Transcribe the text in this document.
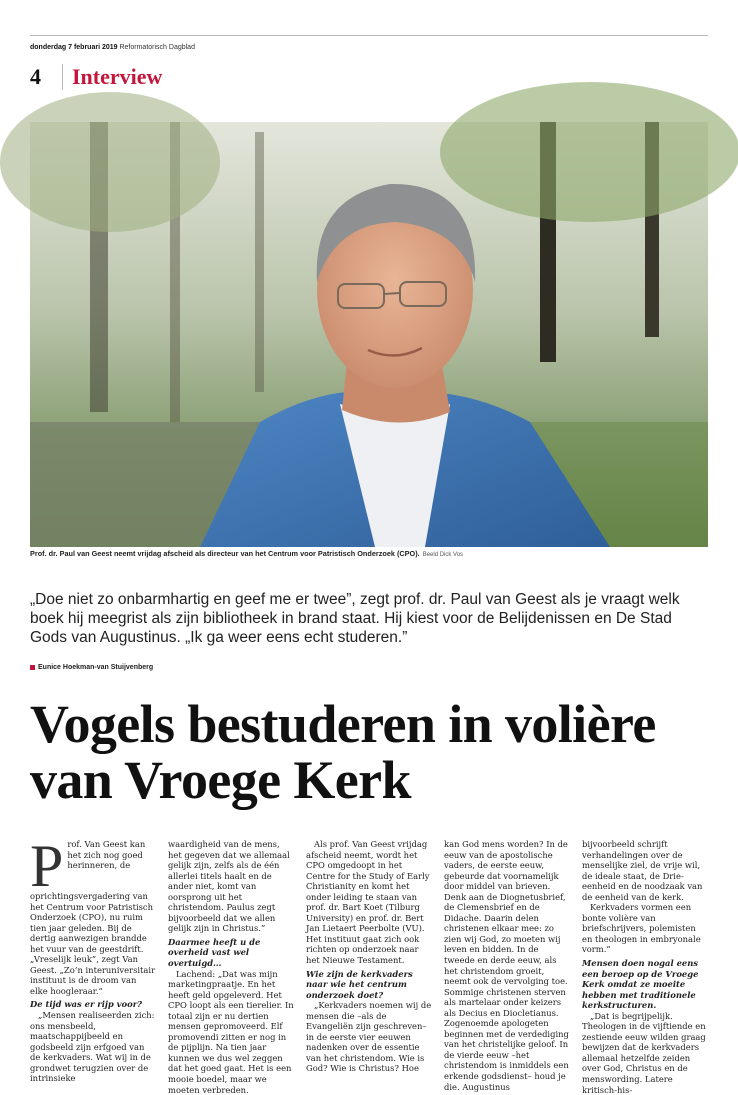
donderdag 7 februari 2019 Reformatorisch Dagblad
4	Interview
Prof. dr. Paul van Geest neemt vrijdag afscheid als directeur van het Centrum voor Patristisch Onderzoek (CPO). Beeld Dick Vos
„Doe niet zo onbarmhartig en geef me er twee”, zegt prof. dr. Paul van Geest als je vraagt welk boek hij meegrist als zijn bibliotheek in brand staat. Hij kiest voor de Belijdenissen en De Stad Gods van Augustinus. „Ik ga weer eens echt studeren.”
Eunice Hoekman-van Stuijvenberg
Vogels bestuderen in volière van Vroege Kerk

Prof. Van Geest kan het zich nog goed herinneren, de oprichtingsvergadering van het Centrum voor Patristisch Onderzoek (CPO), nu ruim tien jaar geleden. Bij de dertig aanwezigen brandde het vuur van de geestdrift. „Vreselijk leuk”, zegt Van Geest. „Zo’n interuniversitair instituut is de droom van elke hoogleraar.”

De tijd was er rijp voor?

„Mensen realiseerden zich: ons mensbeeld, maatschappijbeeld en godsbeeld zijn erfgoed van de kerkvaders. Wat wij in de grondwet terugzien over de intrinsieke

waardigheid van de mens, het gegeven dat we allemaal gelijk zijn, zelfs als de één allerlei titels haalt en de ander niet, komt van oorsprong uit het christendom. Paulus zegt bijvoorbeeld dat we allen gelijk zijn in Christus.”

Daarmee heeft u de overheid vast wel overtuigd…

Lachend: „Dat was mijn marketingpraatje. En het heeft geld opgeleverd. Het CPO loopt als een tierelier. In totaal zijn er nu dertien mensen gepromoveerd. Elf promovendi zitten er nog in de pijplijn. Na tien jaar kunnen we dus wel zeggen dat het goed gaat. Het is een mooie boedel, maar we moeten verbreden.

Als prof. Van Geest vrijdag afscheid neemt, wordt het CPO omgedoopt in het Centre for the Study of Early Christianity en komt het onder leiding te staan van prof. dr. Bart Koet (Tilburg University) en prof. dr. Bert Jan Lietaert Peerbolte (VU). Het instituut gaat zich ook richten op onderzoek naar het Nieuwe Testament.

Wie zijn de kerkvaders naar wie het centrum onderzoek doet?

„Kerkvaders noemen wij de mensen die –als de Evangeliën zijn geschreven– in de eerste vier eeuwen nadenken over de essentie van het christendom. Wie is God? Wie is Christus? Hoe

kan God mens worden? In de eeuw van de apostolische vaders, de eerste eeuw, gebeurde dat voornamelijk door middel van brieven. Denk aan de Diognetusbrief, de Clemensbrief en de Didache. Daarin delen christenen elkaar mee: zo zien wij God, zo moeten wij leven en bidden. In de tweede en derde eeuw, als het christendom groeit, neemt ook de vervolging toe. Sommige christenen sterven als martelaar onder keizers als Decius en Diocletianus. Zogenoemde apologeten beginnen met de verdediging van het christelijke geloof. In de vierde eeuw –het christendom is inmiddels een erkende godsdienst– houd je die. Augustinus

bijvoorbeeld schrijft verhandelingen over de menselijke ziel, de vrije wil, de ideale staat, de Drie-eenheid en de noodzaak van de eenheid van de kerk.

Kerkvaders vormen een bonte volière van briefschrijvers, polemisten en theologen in embryonale vorm.”

Mensen doen nogal eens een beroep op de Vroege Kerk omdat ze moeite hebben met traditionele kerkstructuren.

„Dat is begrijpelijk. Theologen in de vijftiende en zestiende eeuw wilden graag bewijzen dat de kerkvaders allemaal hetzelfde zeiden over God, Christus en de menswording. Latere kritisch-his-
